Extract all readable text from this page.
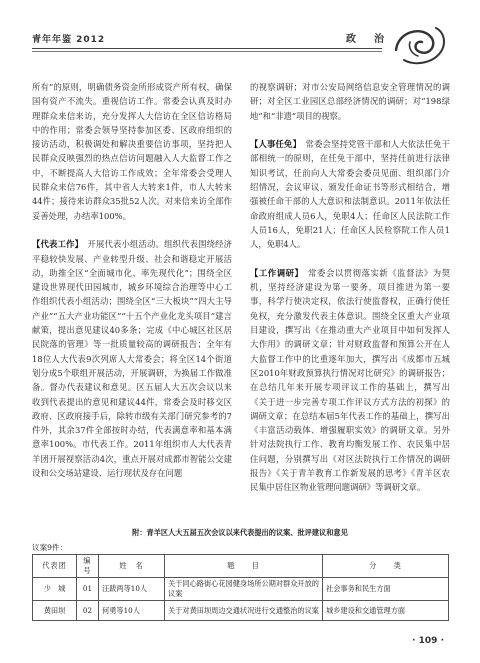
青年年鉴 2012	政　治

所有”的原则，明确债务资金所形成资产所有权，确保国有资产不流失。重视信访工作。常委会认真及时办理群众来信来访，充分发挥人大信访在全区信访格局中的作用；常委会领导坚持参加区委、区政府组织的接访活动，积极调处和解决重要信访事项，坚持把人民群众反映强烈的热点信访问题融入人大监督工作之中，不断提高人大信访工作成效；全年常委会受理人民群众来信76件，其中省人大转来1件，市人大转来44件；接待来访群众35批52人次。对来信来访全部作妥善处理，办结率100%。

【代表工作】　 开展代表小组活动。组织代表围绕经济平稳较快发展、产业转型升级、社会和谐稳定开展活动，助推全区“全面城市化、率先现代化”；围绕全区建设世界现代田园城市，城乡环境综合治理等中心工作组织代表小组活动；围绕全区“三大板块”“四大主导产业”“五大产业功能区”“十五个产业化龙头项目”建言献策，提出意见建议40多条；完成《中心城区社区居民院落的管理》等一批质量较高的调研报告；全年有18位人大代表9次列席人大常委会；将全区14个街道划分成5个联组开展活动，开展调研，为换届工作做准备。督办代表建议和意见。区五届人大五次会议以来收到代表提出的意见和建议44件，常委会及时移交区政府、区政府接手后，除转市级有关部门研究参考的7件外，其余37件全部按时办结，代表满意率和基本满意率100%。市代表工作。2011年组织市人大代表青羊团开展视察活动4次，重点开展对成都市智能公交建设和公交场站建设、运行现状及存在问题

的视察调研；对市公安局网络信息安全管理情况的调研；对全区工业园区总部经济情况的调研；对“198绿地”和“非遗”项目的视察。

【人事任免】　 常委会坚持党管干部和人大依法任免干部相统一的原则，在任免干部中，坚持任前进行法律知识考试，任前向人大常委会委员见面、组织部门介绍情况，会议审议、颁发任命证书等形式相结合，增强被任命干部的人大意识和法制意识。2011年依法任命政府组成人员6人，免职4人；任命区人民法院工作人员16人，免职21人；任命区人民检察院工作人员1人，免职4人。

【工作调研】　 常委会以贯彻落实新《监督法》为契机，坚持经济建设为第一要务，项目推进为第一要事，科学行使决定权，依法行使监督权，正确行使任免权，充分激发代表主体意识。围绕全区重大产业项目建设，撰写出《在推动重大产业项目中如何发挥人大作用》的调研文章；针对财政监督和预算公开在人大监督工作中的比重逐年加大，撰写出《成都市五城区2010年财政预算执行情况对比研究》的调研报告；在总结几年来开展专项评议工作的基础上，撰写出《关于进一步完善专项工作评议方式方法的初探》的调研文章；在总结本届5年代表工作的基础上，撰写出《丰富活动载体、增强履职实效》的调研文章。另外针对法院执行工作、教育均衡发展工作、农民集中居住问题，分别撰写出《对区法院执行工作情况的调研报告》《关于青羊教育工作新发展的思考》《青羊区农民集中居住区物业管理问题调研》等调研文章。

附：青羊区人大五届五次会议以来代表提出的议案、批评建议和意见
议案9件：
代表团	编　号	姓　名	题　　目	分　　类
少　城	01	汪跋两等10人	关于同心路街心花园健身场所公期对群众开放的议案	社会事务和民生方面
黄田坝	02	何勇等10人	关于对黄田坝周边交通状况进行交通整治的议案	城乡建设和交通管理方面
· 109 ·
